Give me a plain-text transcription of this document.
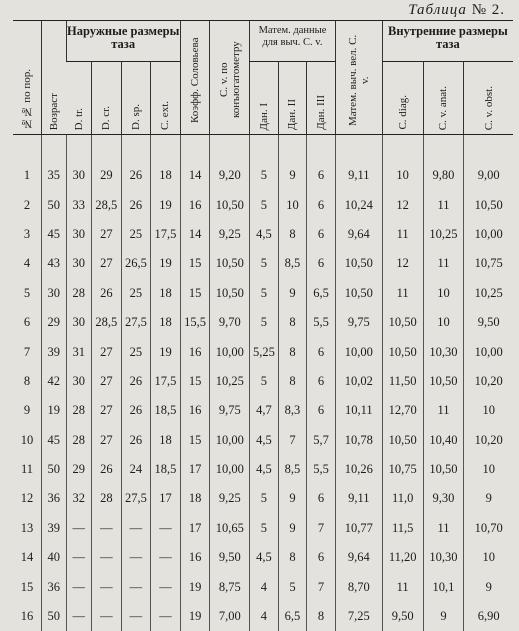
Таблица № 2.
№№ по пор.	Возраст	Наружные размеры таза				Коэфф. Соловьева	C. v. по конъюгатометру	Матем. данные для выч. С. v.			Матем. выч. вел. С. v.	Внутренние размеры таза		

		D. tr.	D. cr.	D. sp.	C. ext.			Дан. I	Дан. II	Дан. III		C. diag.	C. v. anat.	C. v. obst.

1	35	30	29	26	18	14	9,20	5	9	6	9,11	10	9,80	9,00
2	50	33	28,5	26	19	16	10,50	5	10	6	10,24	12	11	10,50
3	45	30	27	25	17,5	14	9,25	4,5	8	6	9,64	11	10,25	10,00
4	43	30	27	26,5	19	15	10,50	5	8,5	6	10,50	12	11	10,75
5	30	28	26	25	18	15	10,50	5	9	6,5	10,50	11	10	10,25
6	29	30	28,5	27,5	18	15,5	9,70	5	8	5,5	9,75	10,50	10	9,50
7	39	31	27	25	19	16	10,00	5,25	8	6	10,00	10,50	10,30	10,00
8	42	30	27	26	17,5	15	10,25	5	8	6	10,02	11,50	10,50	10,20
9	19	28	27	26	18,5	16	9,75	4,7	8,3	6	10,11	12,70	11	10
10	45	28	27	26	18	15	10,00	4,5	7	5,7	10,78	10,50	10,40	10,20
11	50	29	26	24	18,5	17	10,00	4,5	8,5	5,5	10,26	10,75	10,50	10
12	36	32	28	27,5	17	18	9,25	5	9	6	9,11	11,0	9,30	9
13	39	—	—	—	—	17	10,65	5	9	7	10,77	11,5	11	10,70
14	40	—	—	—	—	16	9,50	4,5	8	6	9,64	11,20	10,30	10
15	36	—	—	—	—	19	8,75	4	5	7	8,70	11	10,1	9
16	50	—	—	—	—	19	7,00	4	6,5	8	7,25	9,50	9	6,90
